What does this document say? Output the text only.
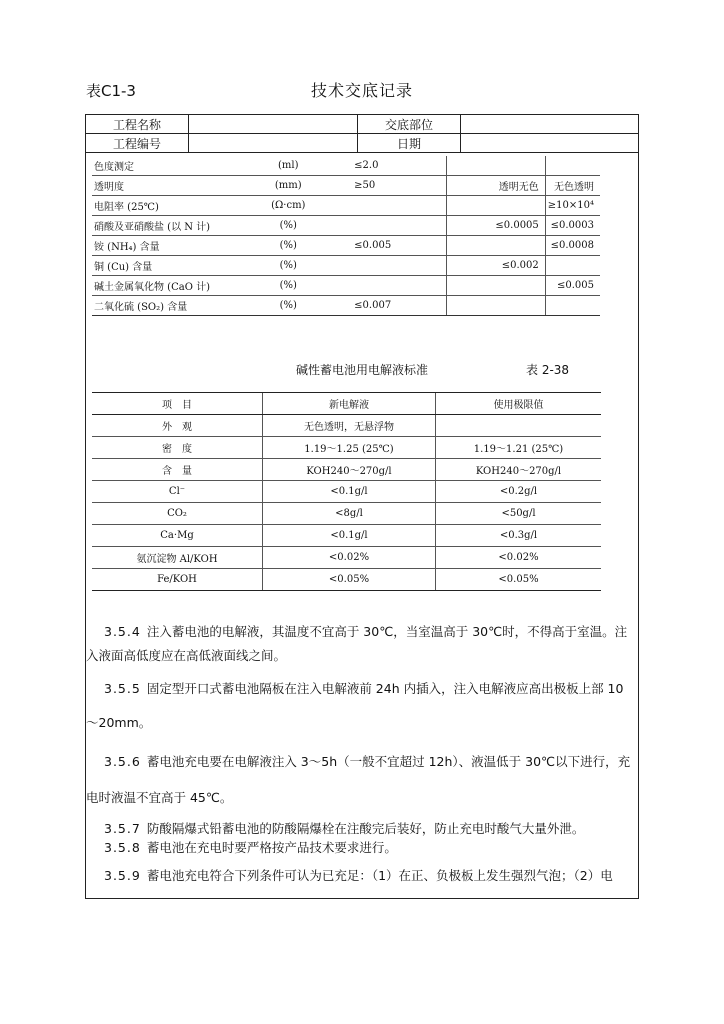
表C1-3	技术交底记录
工程名称		交底部位	
工程编号		日期	
色度测定	(ml)	≤2.0		
透明度	(mm)	≥50	透明无色	无色透明
电阻率 (25℃)	(Ω·cm)			≥10×10⁴
硝酸及亚硝酸盐 (以 N 计)	(%)		≤0.0005	≤0.0003
铵 (NH₄) 含量	(%)	≤0.005		≤0.0008
铜 (Cu) 含量	(%)		≤0.002	
碱土金属氧化物 (CaO 计)	(%)			≤0.005
二氧化硫 (SO₂) 含量	(%)	≤0.007		
碱性蓄电池用电解液标准	表 2-38
项　目	新电解液	使用极限值
外　观	无色透明，无悬浮物	
密　度	1.19～1.25 (25℃)	1.19～1.21 (25℃)
含　量	KOH240～270g/l	KOH240～270g/l
Cl⁻	<0.1g/l	<0.2g/l
CO₂	<8g/l	<50g/l
Ca·Mg	<0.1g/l	<0.3g/l
氨沉淀物 Al/KOH	<0.02%	<0.02%
Fe/KOH	<0.05%	<0.05%
3.5.4 注入蓄电池的电解液，其温度不宜高于 30℃，当室温高于 30℃时，不得高于室温。注
入液面高低度应在高低液面线之间。
3.5.5 固定型开口式蓄电池隔板在注入电解液前 24h 内插入，注入电解液应高出极板上部 10
～20mm。
3.5.6 蓄电池充电要在电解液注入 3～5h（一般不宜超过 12h）、液温低于 30℃以下进行，充
电时液温不宜高于 45℃。
3.5.7 防酸隔爆式铅蓄电池的防酸隔爆栓在注酸完后装好，防止充电时酸气大量外泄。
3.5.8 蓄电池在充电时要严格按产品技术要求进行。
3.5.9 蓄电池充电符合下列条件可认为已充足：（1）在正、负极板上发生强烈气泡；（2）电
